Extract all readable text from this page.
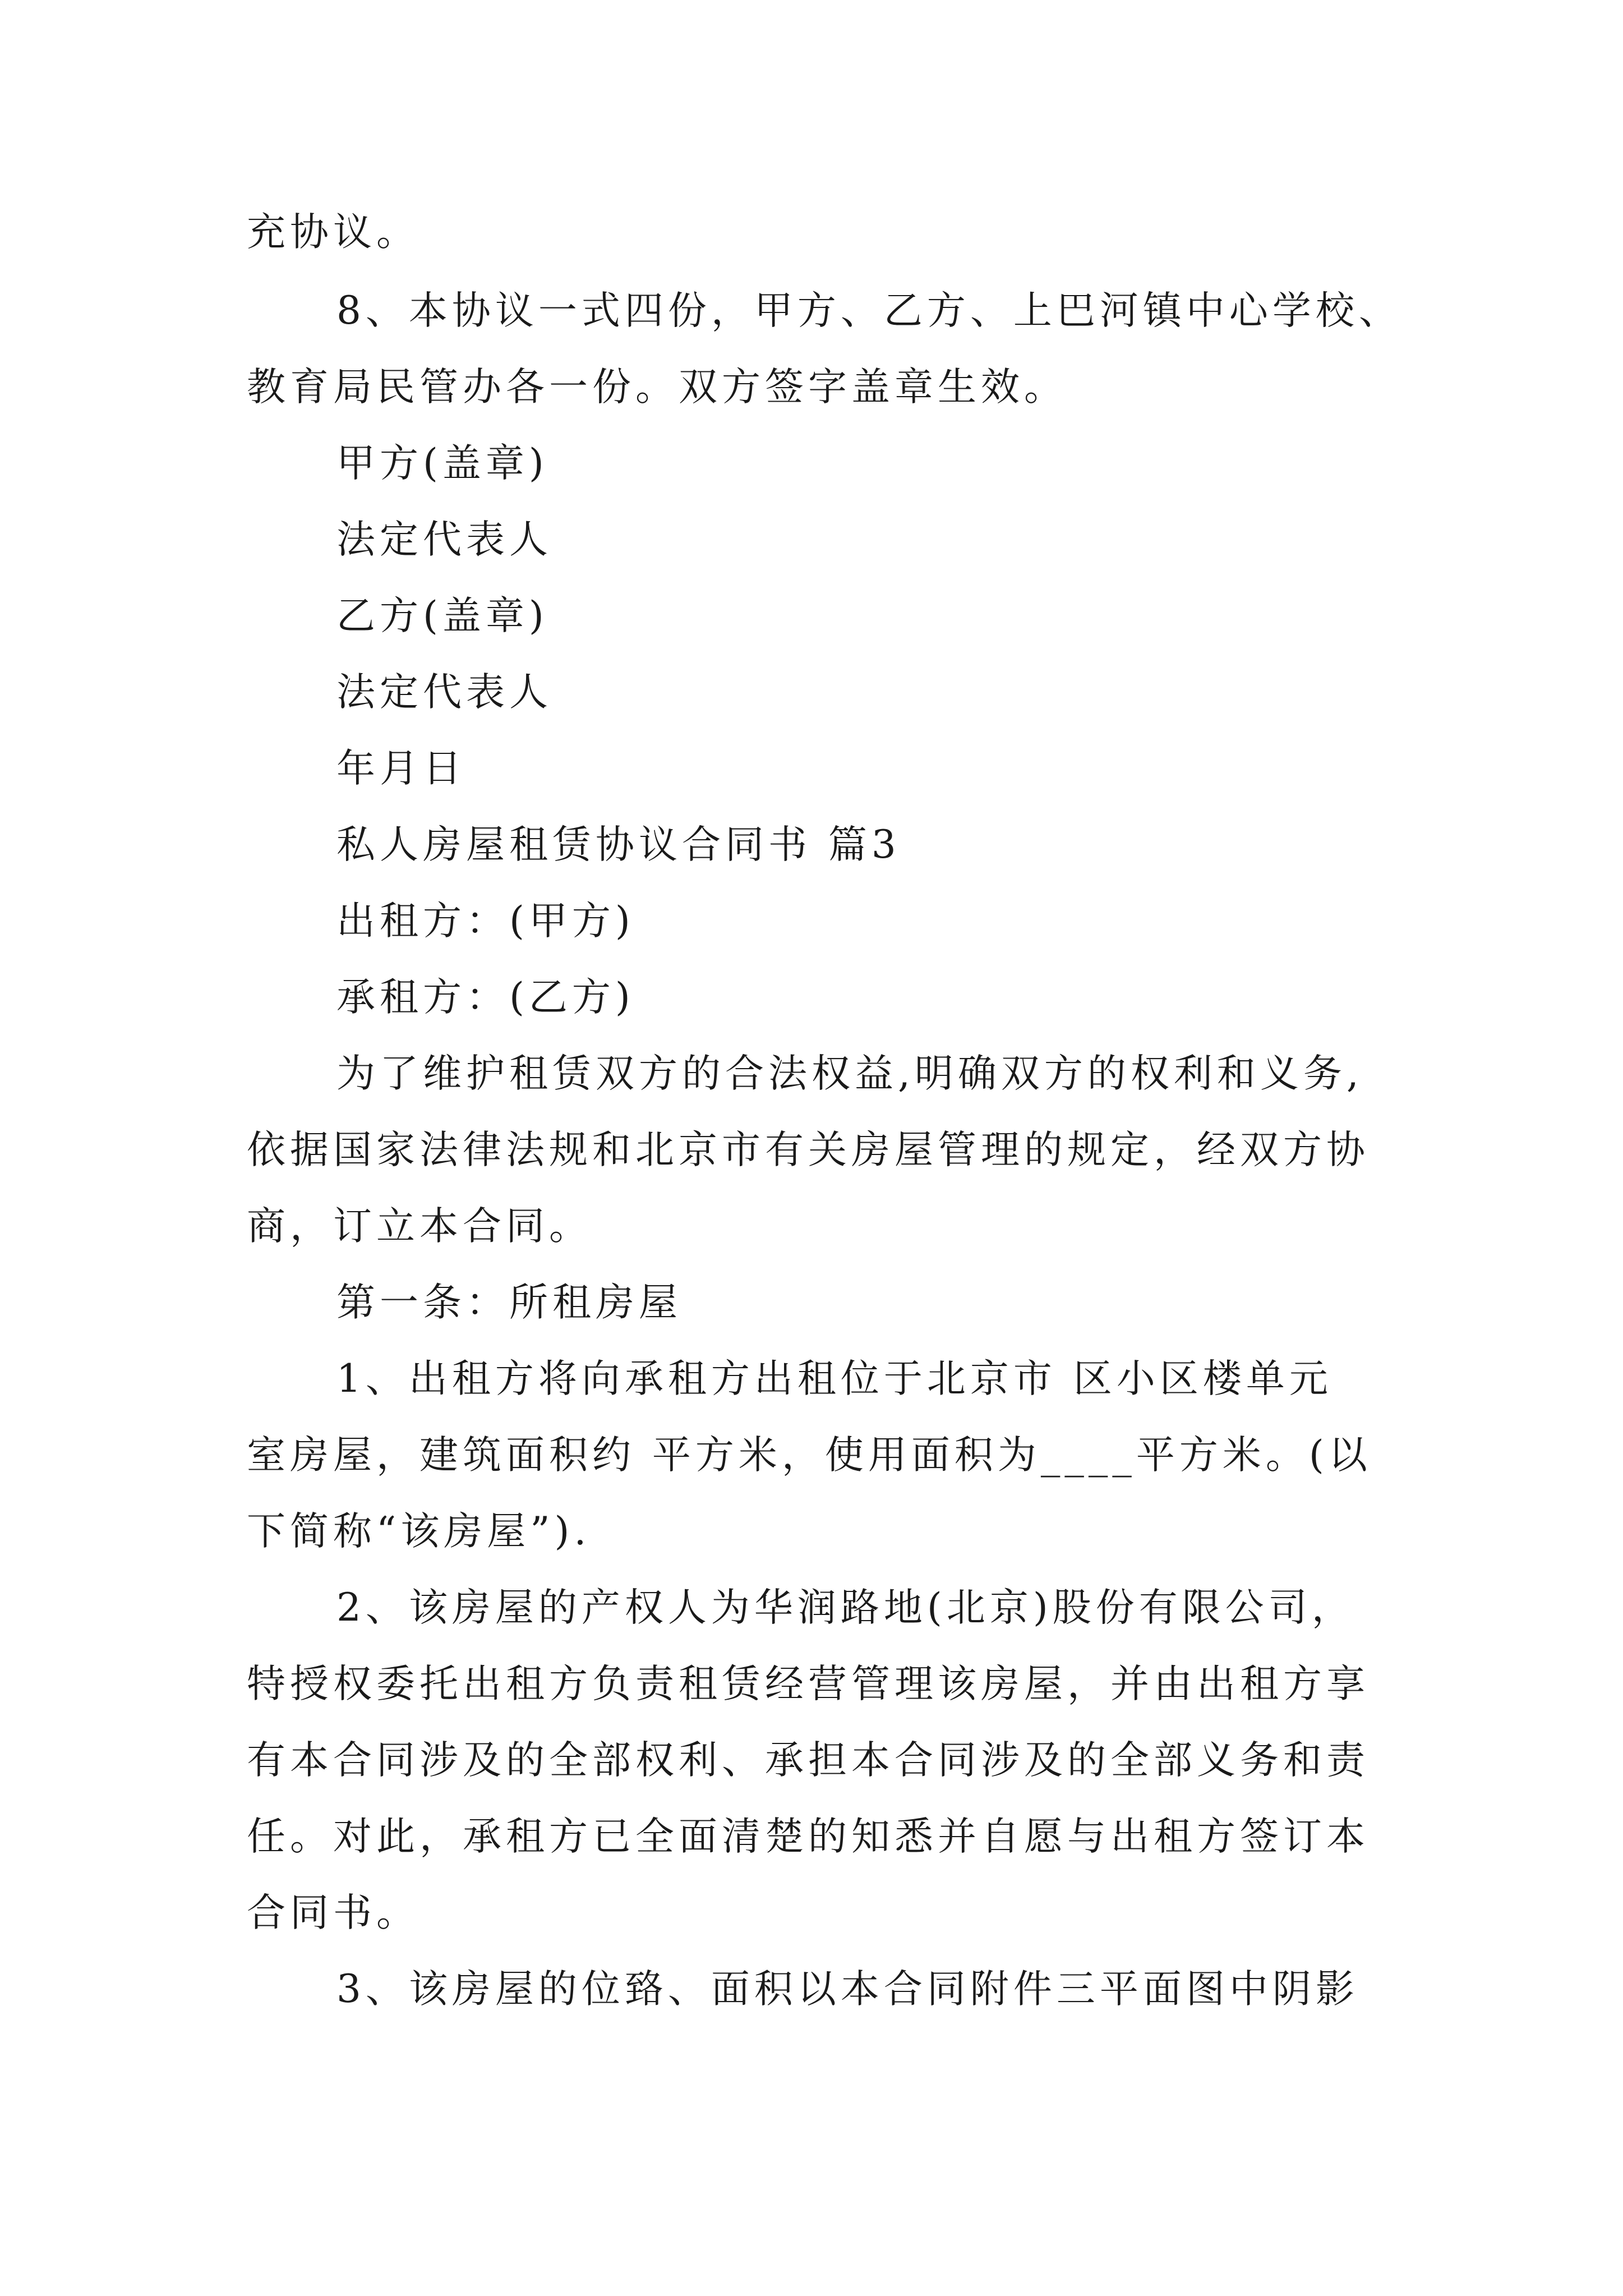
充协议。
8、本协议一式四份，甲方、乙方、上巴河镇中心学校、
教育局民管办各一份。双方签字盖章生效。
甲方(盖章)
法定代表人
乙方(盖章)
法定代表人
年月日
私人房屋租赁协议合同书 篇3
出租方：(甲方)
承租方：(乙方)
为了维护租赁双方的合法权益,明确双方的权利和义务,
依据国家法律法规和北京市有关房屋管理的规定，经双方协
商，订立本合同。
第一条：所租房屋
1、出租方将向承租方出租位于北京市 区小区楼单元
室房屋，建筑面积约 平方米，使用面积为____平方米。(以
下简称“该房屋”).
2、该房屋的产权人为华润路地(北京)股份有限公司，
特授权委托出租方负责租赁经营管理该房屋，并由出租方享
有本合同涉及的全部权利、承担本合同涉及的全部义务和责
任。对此，承租方已全面清楚的知悉并自愿与出租方签订本
合同书。
3、该房屋的位臵、面积以本合同附件三平面图中阴影
